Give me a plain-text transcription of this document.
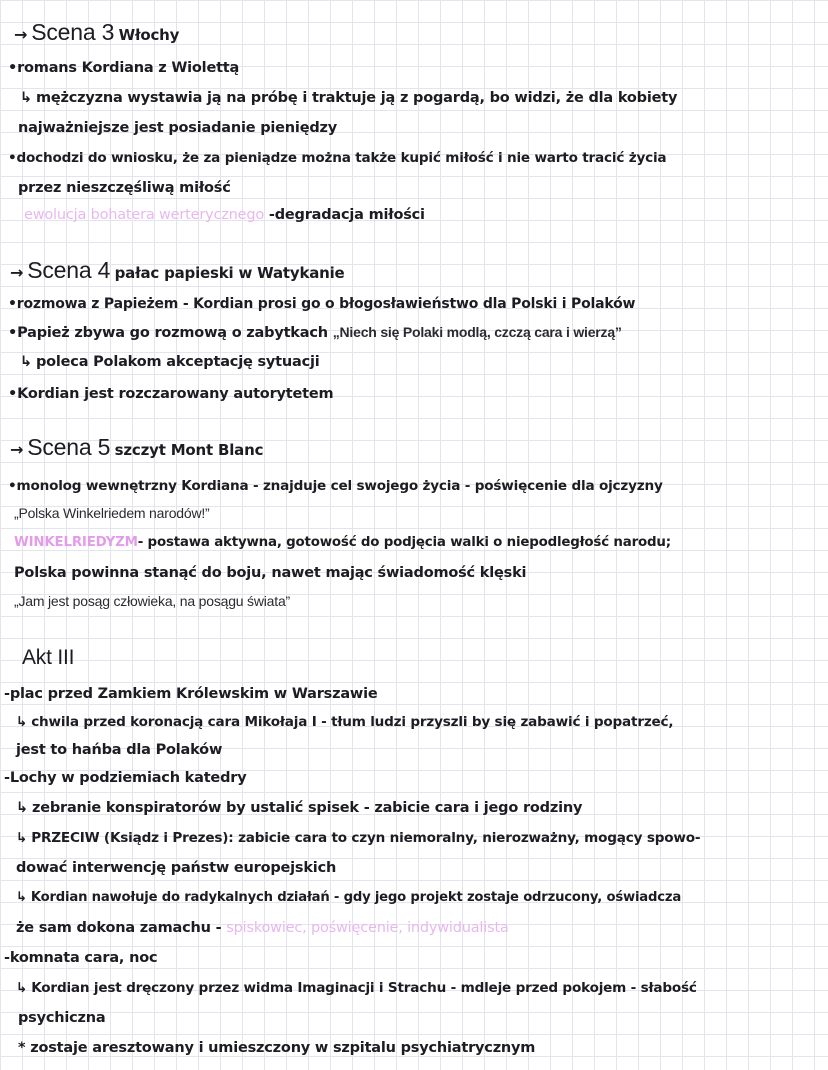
→ Scena 3 Włochy
•romans Kordiana z Wiolettą
↳ mężczyzna wystawia ją na próbę i traktuje ją z pogardą, bo widzi, że dla kobiety
najważniejsze jest posiadanie pieniędzy
•dochodzi do wniosku, że za pieniądze można także kupić miłość i nie warto tracić życia
przez nieszczęśliwą miłość
ewolucja bohatera werterycznego -degradacja miłości
→ Scena 4 pałac papieski w Watykanie
•rozmowa z Papieżem - Kordian prosi go o błogosławieństwo dla Polski i Polaków
•Papież zbywa go rozmową o zabytkach „Niech się Polaki modlą, czczą cara i wierzą”
↳ poleca Polakom akceptację sytuacji
•Kordian jest rozczarowany autorytetem
→ Scena 5 szczyt Mont Blanc
•monolog wewnętrzny Kordiana - znajduje cel swojego życia - poświęcenie dla ojczyzny
„Polska Winkelriedem narodów!”
WINKELRIEDYZM- postawa aktywna, gotowość do podjęcia walki o niepodległość narodu;
Polska powinna stanąć do boju, nawet mając świadomość klęski
„Jam jest posąg człowieka, na posągu świata”
Akt III
-plac przed Zamkiem Królewskim w Warszawie
↳ chwila przed koronacją cara Mikołaja I - tłum ludzi przyszli by się zabawić i popatrzeć,
jest to hańba dla Polaków
-Lochy w podziemiach katedry
↳ zebranie konspiratorów by ustalić spisek - zabicie cara i jego rodziny
↳ PRZECIW (Ksiądz i Prezes): zabicie cara to czyn niemoralny, nierozważny, mogący spowo-
dować interwencję państw europejskich
↳ Kordian nawołuje do radykalnych działań - gdy jego projekt zostaje odrzucony, oświadcza
że sam dokona zamachu - spiskowiec, poświęcenie, indywidualista
-komnata cara, noc
↳ Kordian jest dręczony przez widma Imaginacji i Strachu - mdleje przed pokojem - słabość
psychiczna
* zostaje aresztowany i umieszczony w szpitalu psychiatrycznym
